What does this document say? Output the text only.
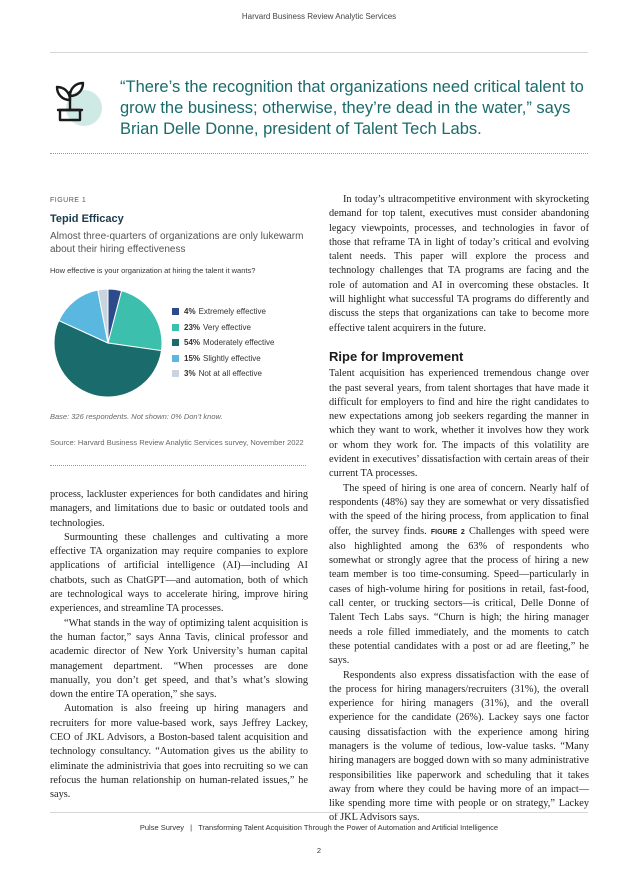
Harvard Business Review Analytic Services
“There’s the recognition that organizations need critical talent to grow the business; otherwise, they’re dead in the water,” says Brian Delle Donne, president of Talent Tech Labs.
FIGURE 1
Tepid Efficacy
Almost three-quarters of organizations are only lukewarm about their hiring effectiveness
How effective is your organization at hiring the talent it wants?
4% Extremely effective
23% Very effective
54% Moderately effective
15% Slightly effective
3% Not at all effective
Base: 326 respondents. Not shown: 0% Don’t know.
Source: Harvard Business Review Analytic Services survey, November 2022

process, lackluster experiences for both candidates and hiring managers, and limitations due to basic or outdated tools and technologies.

Surmounting these challenges and cultivating a more effective TA organization may require companies to explore applications of artificial intelligence (AI)—including AI chatbots, such as ChatGPT—and automation, both of which are technological ways to accelerate hiring, improve hiring experiences, and streamline TA processes.

“What stands in the way of optimizing talent acquisition is the human factor,” says Anna Tavis, clinical professor and academic director of New York University’s human capital management department. “When processes are done manually, you don’t get speed, and that’s what’s slowing down the entire TA operation,” she says.

Automation is also freeing up hiring managers and recruiters for more value-based work, says Jeffrey Lackey, CEO of JKL Advisors, a Boston-based talent acquisition and technology consultancy. “Automation gives us the ability to eliminate the administrivia that goes into recruiting so we can refocus the human relationship on human-related issues,” he says.

In today’s ultracompetitive environment with skyrocketing demand for top talent, executives must consider abandoning legacy viewpoints, processes, and technologies in favor of those that reframe TA in light of today’s critical and evolving talent needs. This paper will explore the process and technology challenges that TA programs are facing and the role of automation and AI in overcoming these obstacles. It will highlight what successful TA programs do differently and discuss the steps that organizations can take to become more effective talent acquirers in the future.

Ripe for Improvement

Talent acquisition has experienced tremendous change over the past several years, from talent shortages that have made it difficult for employers to find and hire the right candidates to new expectations among job seekers regarding the manner in which they want to work, whether it involves how they work or whom they work for. The impacts of this volatility are evident in executives’ dissatisfaction with certain areas of their current TA processes.

The speed of hiring is one area of concern. Nearly half of respondents (48%) say they are somewhat or very dissatisfied with the speed of the hiring process, from application to final offer, the survey finds. FIGURE 2 Challenges with speed were also highlighted among the 63% of respondents who somewhat or strongly agree that the process of hiring a new team member is too time-consuming. Speed—particularly in cases of high-volume hiring for positions in retail, fast-food, call center, or trucking sectors—is critical, Delle Donne of Talent Tech Labs says. “Churn is high; the hiring manager needs a role filled immediately, and the moments to catch these potential candidates with a post or ad are fleeting,” he says.

Respondents also express dissatisfaction with the ease of the process for hiring managers/recruiters (31%), the overall experience for hiring managers (31%), and the overall experience for the candidate (26%). Lackey says one factor causing dissatisfaction with the experience among hiring managers is the volume of tedious, low-value tasks. “Many hiring managers are bogged down with so many administrative responsibilities like paperwork and scheduling that it takes away from where they could be having more of an impact—like spending more time with people or on strategy,” Lackey of JKL Advisors says.

Pulse Survey | Transforming Talent Acquisition Through the Power of Automation and Artificial Intelligence
2
